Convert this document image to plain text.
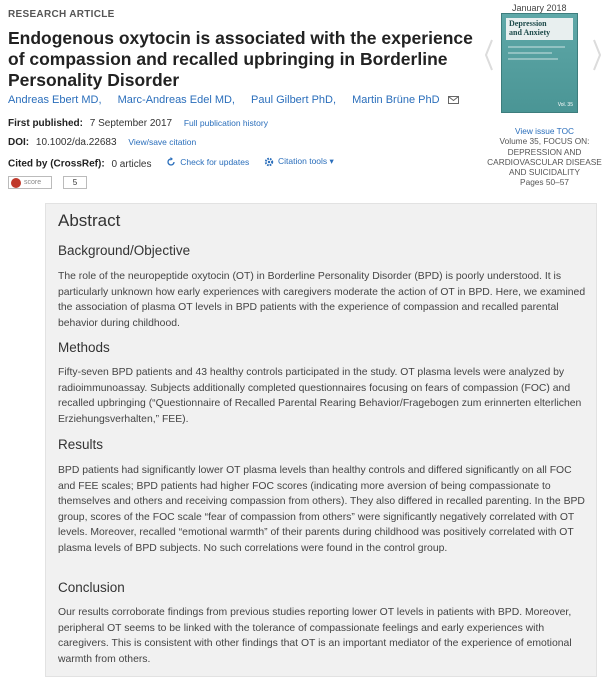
RESEARCH ARTICLE
Endogenous oxytocin is associated with the experience of compassion and recalled upbringing in Borderline Personality Disorder
Andreas Ebert MD, Marc-Andreas Edel MD, Paul Gilbert PhD, Martin Brüne PhD
First published: 7 September 2017 Full publication history
DOI: 10.1002/da.22683 View/save citation
Cited by (CrossRef): 0 articles	Check for updates
	Citation tools ▾
score	5
January 2018
Depression
and Anxiety
Vol. 35
View issue TOC
Volume 35, FOCUS ON:
DEPRESSION AND
CARDIOVASCULAR DISEASE
AND SUICIDALITY
Pages 50–57
Abstract
Background/Objective

The role of the neuropeptide oxytocin (OT) in Borderline Personality Disorder (BPD) is poorly understood. It is particularly unknown how early experiences with caregivers moderate the action of OT in BPD. Here, we examined the association of plasma OT levels in BPD patients with the experience of compassion and recalled parental behavior during childhood.

Methods

Fifty-seven BPD patients and 43 healthy controls participated in the study. OT plasma levels were analyzed by radioimmunoassay. Subjects additionally completed questionnaires focusing on fears of compassion (FOC) and recalled upbringing (“Questionnaire of Recalled Parental Rearing Behavior/Fragebogen zum erinnerten elterlichen Erziehungsverhalten,” FEE).

Results

BPD patients had significantly lower OT plasma levels than healthy controls and differed significantly on all FOC and FEE scales; BPD patients had higher FOC scores (indicating more aversion of being compassionate to themselves and others and receiving compassion from others). They also differed in recalled parenting. In the BPD group, scores of the FOC scale “fear of compassion from others” were significantly negatively correlated with OT levels. Moreover, recalled “emotional warmth” of their parents during childhood was positively correlated with OT plasma levels of BPD subjects. No such correlations were found in the control group.

Conclusion

Our results corroborate findings from previous studies reporting lower OT levels in patients with BPD. Moreover, peripheral OT seems to be linked with the tolerance of compassionate feelings and early experiences with caregivers. This is consistent with other findings that OT is an important mediator of the experience of emotional warmth from others.
